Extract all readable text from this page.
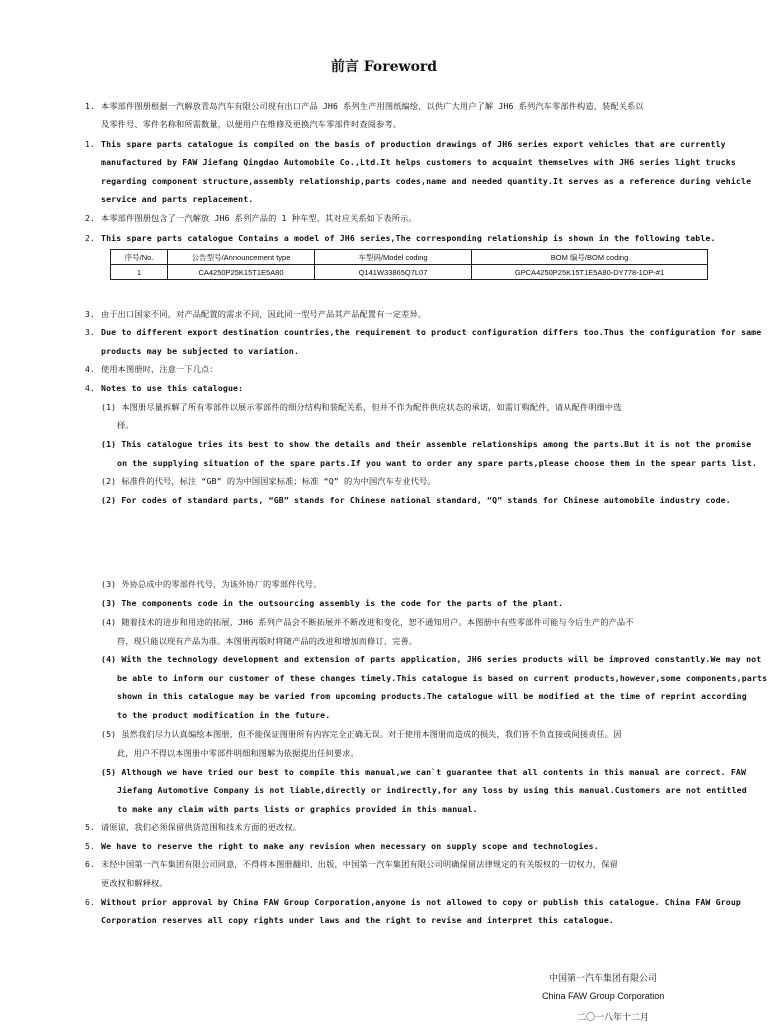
前言 Foreword
1. 本零部件图册根据一汽解放青岛汽车有限公司现有出口产品 JH6 系列生产用图纸编绘，以供广大用户了解 JH6 系列汽车零部件构造、装配关系以
及零件号、零件名称和所需数量，以便用户在维修及更换汽车零部件时查阅参考。
1. This spare parts catalogue is compiled on the basis of production drawings of JH6 series export vehicles that are currently
manufactured by FAW Jiefang Qingdao Automobile Co.,Ltd.It helps customers to acquaint themselves with JH6 series light trucks
regarding component structure,assembly relationship,parts codes,name and needed quantity.It serves as a reference during vehicle
service and parts replacement.
2. 本零部件图册包含了一汽解放 JH6 系列产品的 1 种车型，其对应关系如下表所示。
2. This spare parts catalogue Contains a model of JH6 series,The corresponding relationship is shown in the following table.
3. 由于出口国家不同，对产品配置的需求不同，因此同一型号产品其产品配置有一定差异。
3. Due to different export destination countries,the requirement to product configuration differs too.Thus the configuration for same
products may be subjected to variation.
4. 使用本图册时，注意一下几点：
4. Notes to use this catalogue:
(1) 本图册尽量拆解了所有零部件以展示零部件的细分结构和装配关系，但并不作为配件供应状态的承诺，如需订购配件，请从配件明细中选
择。
(1) This catalogue tries its best to show the details and their assemble relationships among the parts.But it is not the promise
on the supplying situation of the spare parts.If you want to order any spare parts,please choose them in the spear parts list.
(2) 标准件的代号，标注 “GB” 的为中国国家标准；标准 “Q” 的为中国汽车专业代号。
(2) For codes of standard parts, “GB” stands for Chinese national standard, “Q” stands for Chinese automobile industry code.
(3) 外协总成中的零部件代号，为该外协厂的零部件代号。
(3) The components code in the outsourcing assembly is the code for the parts of the plant.
(4) 随着技术的进步和用途的拓展，JH6 系列产品会不断拓展并不断改进和变化，恕不通知用户。本图册中有些零部件可能与今后生产的产品不
符，现只能以现有产品为准。本图册再版时将随产品的改进和增加而修订、完善。
(4) With the technology development and extension of parts application, JH6 series products will be improved constantly.We may not
be able to inform our customer of these changes timely.This catalogue is based on current products,however,some components,parts
shown in this catalogue may be varied from upcoming products.The catalogue will be modified at the time of reprint according
to the product modification in the future.
(5) 虽然我们尽力认真编绘本图册，但不能保证图册所有内容完全正确无误。对于使用本图册而造成的损失，我们皆不负直接或间接责任。因
此，用户不得以本图册中零部件明细和图解为依据提出任何要求。
(5) Although we have tried our best to compile this manual,we can`t guarantee that all contents in this manual are correct. FAW
Jiefang Automotive Company is not liable,directly or indirectly,for any loss by using this manual.Customers are not entitled
to make any claim with parts lists or graphics provided in this manual.
5. 请原谅，我们必须保留供货范围和技术方面的更改权。
5. We have to reserve the right to make any revision when necessary on supply scope and technologies.
6. 未经中国第一汽车集团有限公司同意，不得将本图册翻印、出版，中国第一汽车集团有限公司明确保留法律规定的有关版权的一切权力，保留
更改权和解释权。
6. Without prior approval by China FAW Group Corporation,anyone is not allowed to copy or publish this catalogue. China FAW Group
Corporation reserves all copy rights under laws and the right to revise and interpret this catalogue.
序号/No.	公告型号/Announcement type	车型码/Model coding	BOM 编号/BOM coding
1	CA4250P25K15T1E5A80	Q141W33865Q7L07	GPCA4250P25K15T1E5A80-DY778-1DP-#1
中国第一汽车集团有限公司
China FAW Group Corporation
二〇一八年十二月
